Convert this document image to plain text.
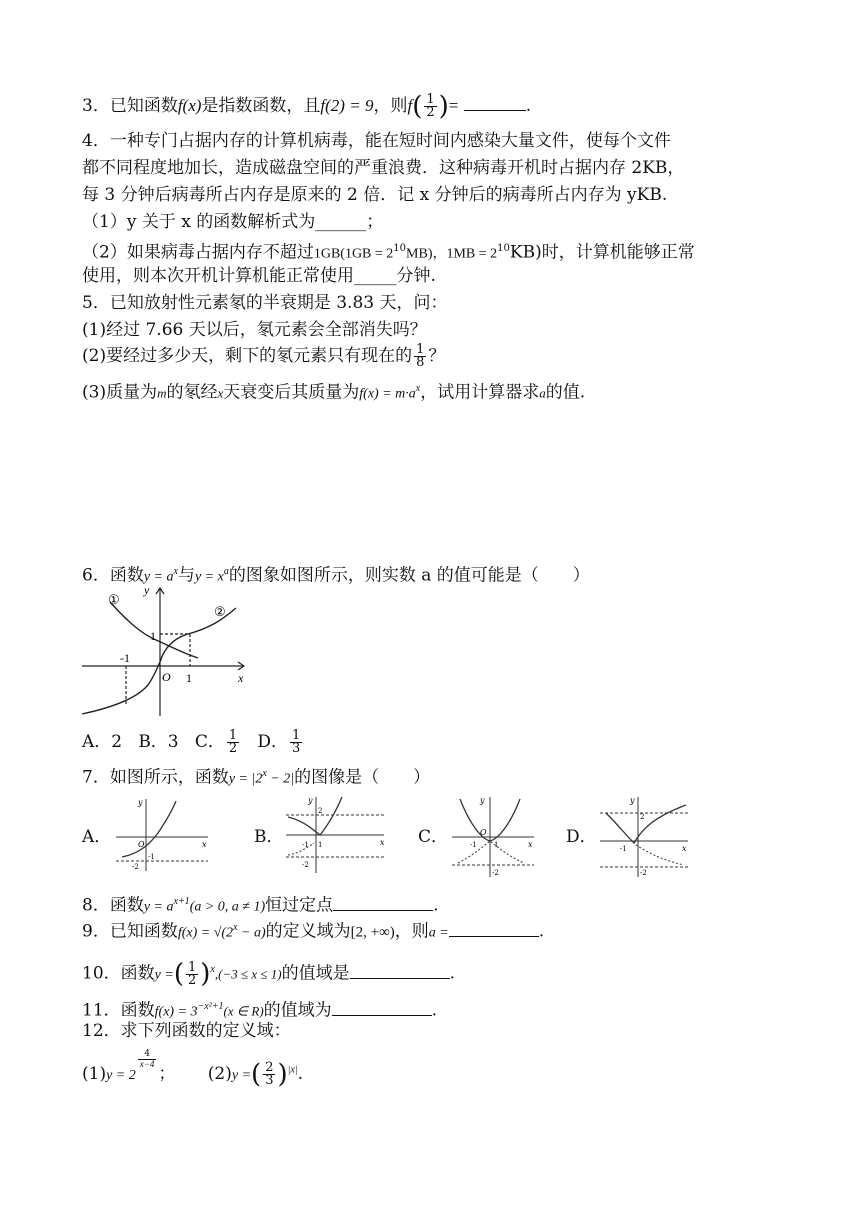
3．已知函数f(x)是指数函数，且f(2) = 9，则$f( \frac{1}{2}$ )=	.
4．一种专门占据内存的计算机病毒，能在短时间内感染大量文件，使每个文件
都不同程度地加长，造成磁盘空间的严重浪费．这种病毒开机时占据内存 2KB，
每 3 分钟后病毒所占内存是原来的 2 倍．记 x 分钟后的病毒所占内存为 yKB.
（1）y 关于 x 的函数解析式为______；
（2）如果病毒占据内存不超过$1GB(1GB = 2^{10}MB)$，$1MB = 2^{10}KB$)时，计算机能够正常
使用，则本次开机计算机能正常使用_____分钟.
5．已知放射性元素氡的半衰期是 3.83 天，问：
(1)经过 7.66 天以后，氡元素会全部消失吗？
(2)要经过多少天，剩下的氡元素只有现在的 $\frac{1}{8}$ ？
(3)质量为m的氡经x天衰变后其质量为$f(x) = m\cdot a^x$，试用计算器求a的值.
6．函数$y = a^x$与$y = x^a$的图象如图所示，则实数 a 的值可能是（　　）
①
②
y
x
O
1
1
-1
A．2 B．3 C． $\frac{1}{2}$ D． $\frac{1}{3}$
7．如图所示，函数$y = |2^x - 2|$的图像是（　　）
A．	B．	C．	D．
y
x
O
-1
-2
y
2
x
1
-1
-2
y
x
O
-1 1
-2
y
2
x
-1
-2
8．函数$y = a^{x+1}(a > 0$, a ≠ 1)恒过定点	.
9．已知函数$f(x) = √(2^x - a)$的定义域为[2, +∞)，则a =	.
10．函数y =( $\frac{1}{2} )^x,(-3 \le x \le 1)$的值域是	.
11．函数$f(x) = 3^{-x^2+1}(x$ ∈ R)的值域为	.
12．求下列函数的定义域：
(1)y = 2
$\frac{4}{x-4}$
； (2)y =( $\frac{2}{3} )^{|x|}$.
